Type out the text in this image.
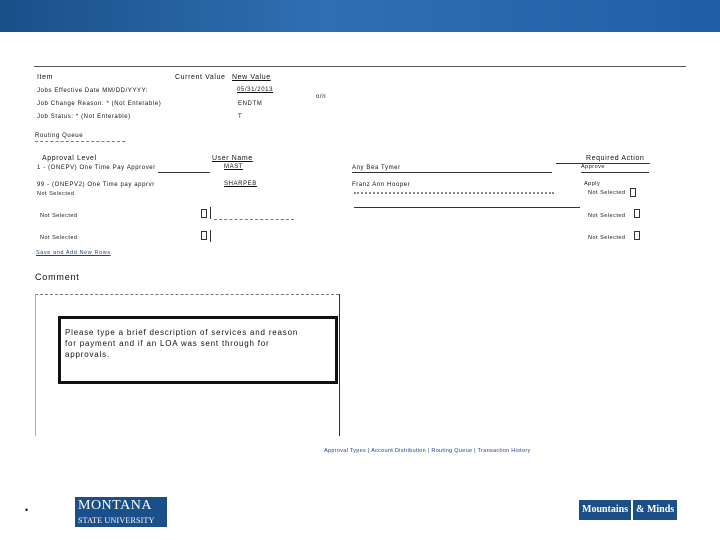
Item	Current Value New Value
Jobs Effective Date MM/DD/YYYY:	05/31/2013
Job Change Reason: * (Not Enterable)	ENDTM
Job Status: * (Not Enterable)	T
o/n
Routing Queue
Approval Level	User Name	Required Action
1 - (ONEPV) One Time Pay Approver	MAST	Any Bea Tymer	Approve
99 - (ONEPV2) One Time pay apprvr	SHARPEB	Franz Ann Hooper	Apply
Not Selected	Not Selected
Not Selected	Not Selected
Not Selected	Not Selected
Save and Add New Rows
Comment
Please type a brief description of services and reason
for payment and if an LOA was sent through for
approvals.
Approval Types | Account Distribution | Routing Queue | Transaction History
•	MONTANA
STATE UNIVERSITY
Mountains & Minds
